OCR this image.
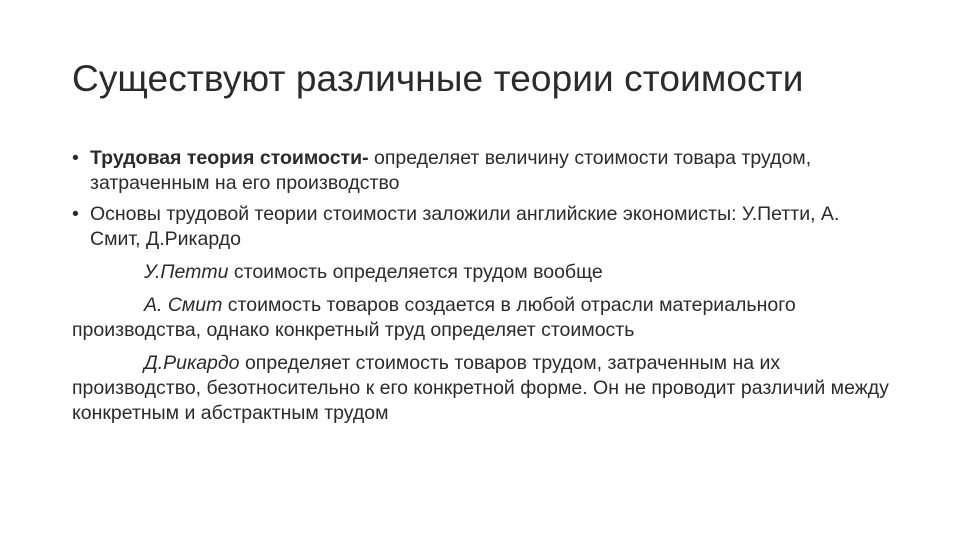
Существуют различные теории стоимости
• Трудовая теория стоимости- определяет величину стоимости товара трудом, затраченным на его производство
• Основы трудовой теории стоимости заложили английские экономисты: У.Петти, А. Смит, Д.Рикардо
У.Петти стоимость определяется трудом вообще
А. Смит стоимость товаров создается в любой отрасли материального производства, однако конкретный труд определяет стоимость
Д.Рикардо определяет стоимость товаров трудом, затраченным на их производство, безотносительно к его конкретной форме. Он не проводит различий между конкретным и абстрактным трудом
